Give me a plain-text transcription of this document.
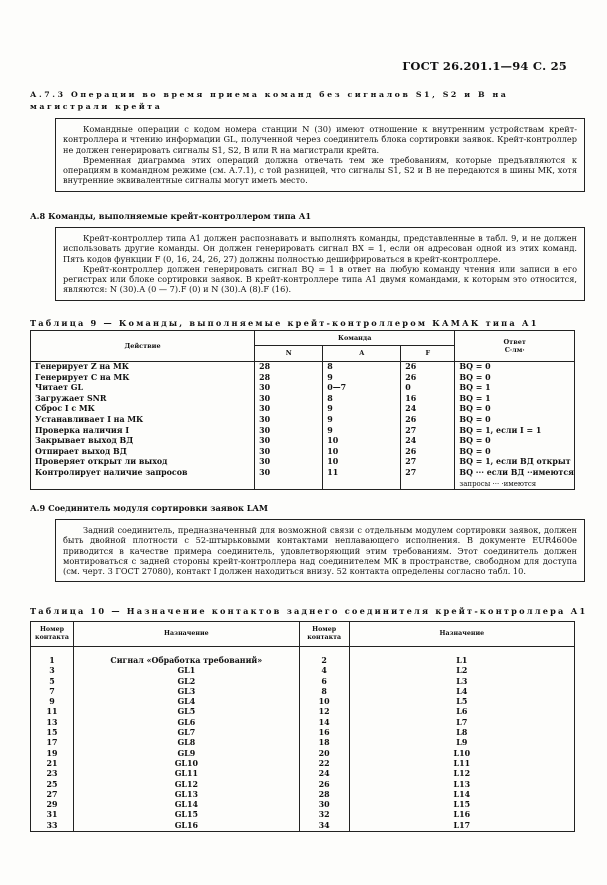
ГОСТ 26.201.1—94 С. 25
А.7.3 Операции во время приема команд без сигналов S1, S2 и В на магистрали крейта

Командные операции с кодом номера станции N (30) имеют отношение к внутренним устройствам крейт-контроллера и чтению информации GL, полученной через соединитель блока сортировки заявок. Крейт-контроллер не должен генерировать сигналы S1, S2, В или R на магистрали крейта.

Временная диаграмма этих операций должна отвечать тем же требованиям, которые предъявляются к операциям в командном режиме (см. А.7.1), с той разницей, что сигналы S1, S2 и В не передаются в шины МК, хотя внутренние эквивалентные сигналы могут иметь место.

А.8 Команды, выполняемые крейт-контроллером типа А1

Крейт-контроллер типа А1 должен распознавать и выполнять команды, представленные в табл. 9, и не должен использовать другие команды. Он должен генерировать сигнал ВХ = 1, если он адресован одной из этих команд. Пять кодов функции F (0, 16, 24, 26, 27) должны полностью дешифрироваться в крейт-контроллере.

Крейт-контроллер должен генерировать сигнал BQ = 1 в ответ на любую команду чтения или записи в его регистрах или блоке сортировки заявок. В крейт-контроллере типа А1 двумя командами, к которым это относится, являются: N (30).А (0 — 7).F (0) и N (30).А (8).F (16).

Таблица 9 — Команды, выполняемые крейт-контроллером КАМАК типа А1
Действие	Команда			Ответ
С·лм·

	N	А	F	
Генерирует Z на МК	28	8	26	BQ = 0
Генерирует С на МК	28	9	26	BQ = 0
Читает GL	30	0—7	0	BQ = 1
Загружает SNR	30	8	16	BQ = 1
Сброс I с МК	30	9	24	BQ = 0
Устанавливает I на МК	30	9	26	BQ = 0
Проверка наличия I	30	9	27	BQ = 1, если I = 1
Закрывает выход ВД	30	10	24	BQ = 0
Отпирает выход ВД	30	10	26	BQ = 0
Проверяет открыт ли выход	30	10	27	BQ = 1, если ВД открыт
Контролирует наличие запросов	30	11	27	BQ ··· если ВД ··имеются
				запросы ··· ·имеются
А.9 Соединитель модуля сортировки заявок LAM

Задний соединитель, предназначенный для возможной связи с отдельным модулем сортировки заявок, должен быть двойной плотности с 52-штырьковыми контактами неплавающего исполнения. В документе EUR4600e приводится в качестве примера соединитель, удовлетворяющий этим требованиям. Этот соединитель должен монтироваться с задней стороны крейт-контроллера над соединителем МК в пространстве, свободном для доступа (см. черт. 3 ГОСТ 27080), контакт I должен находиться внизу. 52 контакта определены согласно табл. 10.

Таблица 10 — Назначение контактов заднего соединителя крейт-контроллера А1
Номер контакта	Назначение	Номер контакта	Назначение

1	Сигнал «Обработка требований»	2	L1
3	GL1	4	L2
5	GL2	6	L3
7	GL3	8	L4
9	GL4	10	L5
11	GL5	12	L6
13	GL6	14	L7
15	GL7	16	L8
17	GL8	18	L9
19	GL9	20	L10
21	GL10	22	L11
23	GL11	24	L12
25	GL12	26	L13
27	GL13	28	L14
29	GL14	30	L15
31	GL15	32	L16
33	GL16	34	L17
